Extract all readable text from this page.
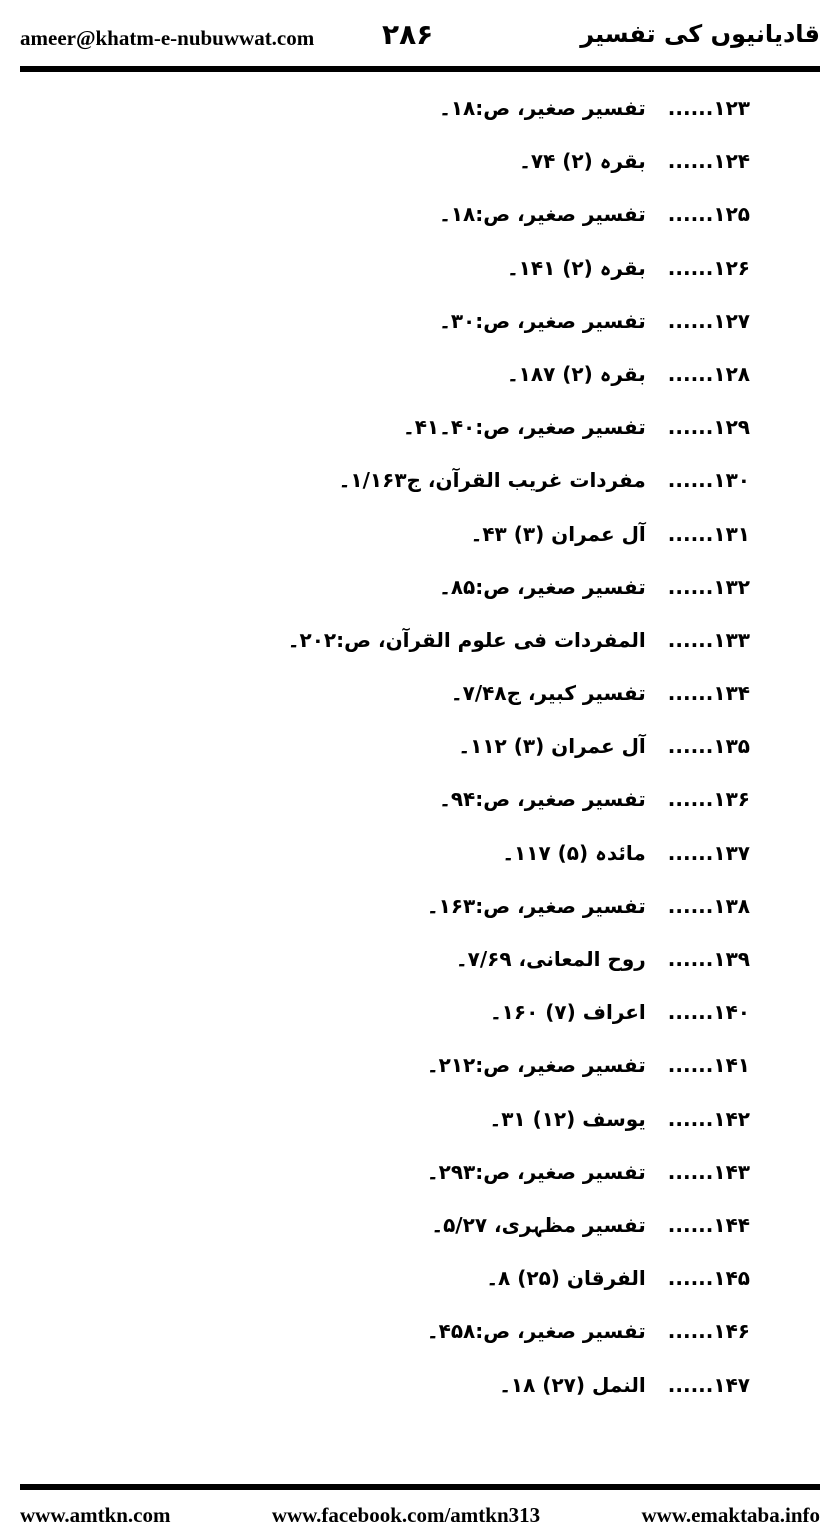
ameer@khatm-e-nubuwwat.com ۲۸۶	قادیانیوں کی تفسیر
۱۲۳......تفسیر صغیر، ص:۱۸۔
۱۲۴......بقرہ (۲) ۷۴۔
۱۲۵......تفسیر صغیر، ص:۱۸۔
۱۲۶......بقرہ (۲) ۱۴۱۔
۱۲۷......تفسیر صغیر، ص:۳۰۔
۱۲۸......بقرہ (۲) ۱۸۷۔
۱۲۹......تفسیر صغیر، ص:۴۰۔۴۱۔
۱۳۰......مفردات غریب القرآن، ج۱/۱۶۳۔
۱۳۱......آل عمران (۳) ۴۳۔
۱۳۲......تفسیر صغیر، ص:۸۵۔
۱۳۳......المفردات فی علوم القرآن، ص:۲۰۲۔
۱۳۴......تفسیر کبیر، ج۷/۴۸۔
۱۳۵......آل عمران (۳) ۱۱۲۔
۱۳۶......تفسیر صغیر، ص:۹۴۔
۱۳۷......مائدہ (۵) ۱۱۷۔
۱۳۸......تفسیر صغیر، ص:۱۶۳۔
۱۳۹......روح المعانی، ۷/۶۹۔
۱۴۰......اعراف (۷) ۱۶۰۔
۱۴۱......تفسیر صغیر، ص:۲۱۲۔
۱۴۲......یوسف (۱۲) ۳۱۔
۱۴۳......تفسیر صغیر، ص:۲۹۳۔
۱۴۴......تفسیر مظہری، ۵/۲۷۔
۱۴۵......الفرقان (۲۵) ۸۔
۱۴۶......تفسیر صغیر، ص:۴۵۸۔
۱۴۷......النمل (۲۷) ۱۸۔
www.amtkn.com	www.facebook.com/amtkn313	www.emaktaba.info
